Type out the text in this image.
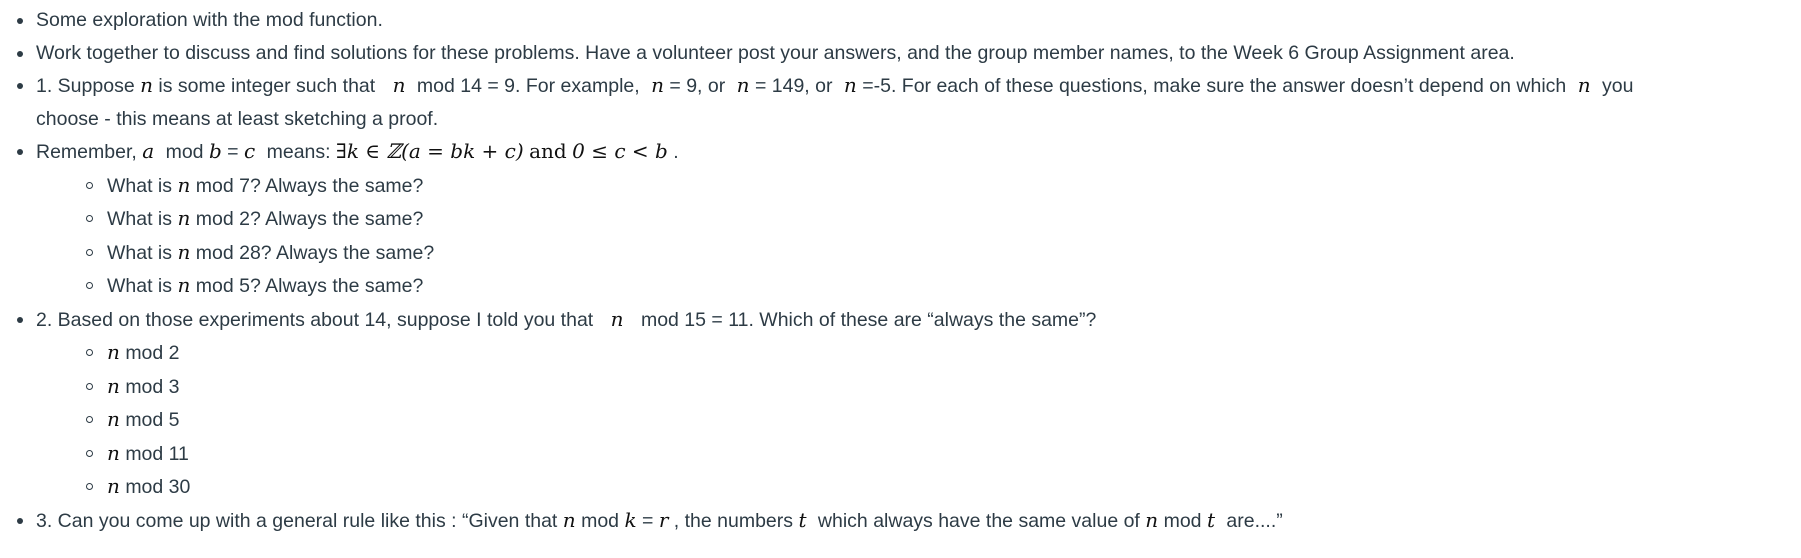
Some exploration with the mod function.
Work together to discuss and find solutions for these problems. Have a volunteer post your answers, and the group member names, to the Week 6 Group Assignment area.
1. Suppose n is some integer such that n mod 14 = 9. For example, n = 9, or n = 149, or n =-5. For each of these questions, make sure the answer doesn’t depend on which n you
choose - this means at least sketching a proof.
Remember, a mod b = c means: ∃k ∈ ℤ(a = bk + c) and 0 ≤ c < b .
What is n mod 7? Always the same?
What is n mod 2? Always the same?
What is n mod 28? Always the same?
What is n mod 5? Always the same?
2. Based on those experiments about 14, suppose I told you that n mod 15 = 11. Which of these are “always the same”?
n mod 2
n mod 3
n mod 5
n mod 11
n mod 30
3. Can you come up with a general rule like this : “Given that n mod k = r , the numbers t which always have the same value of n mod t are....”
